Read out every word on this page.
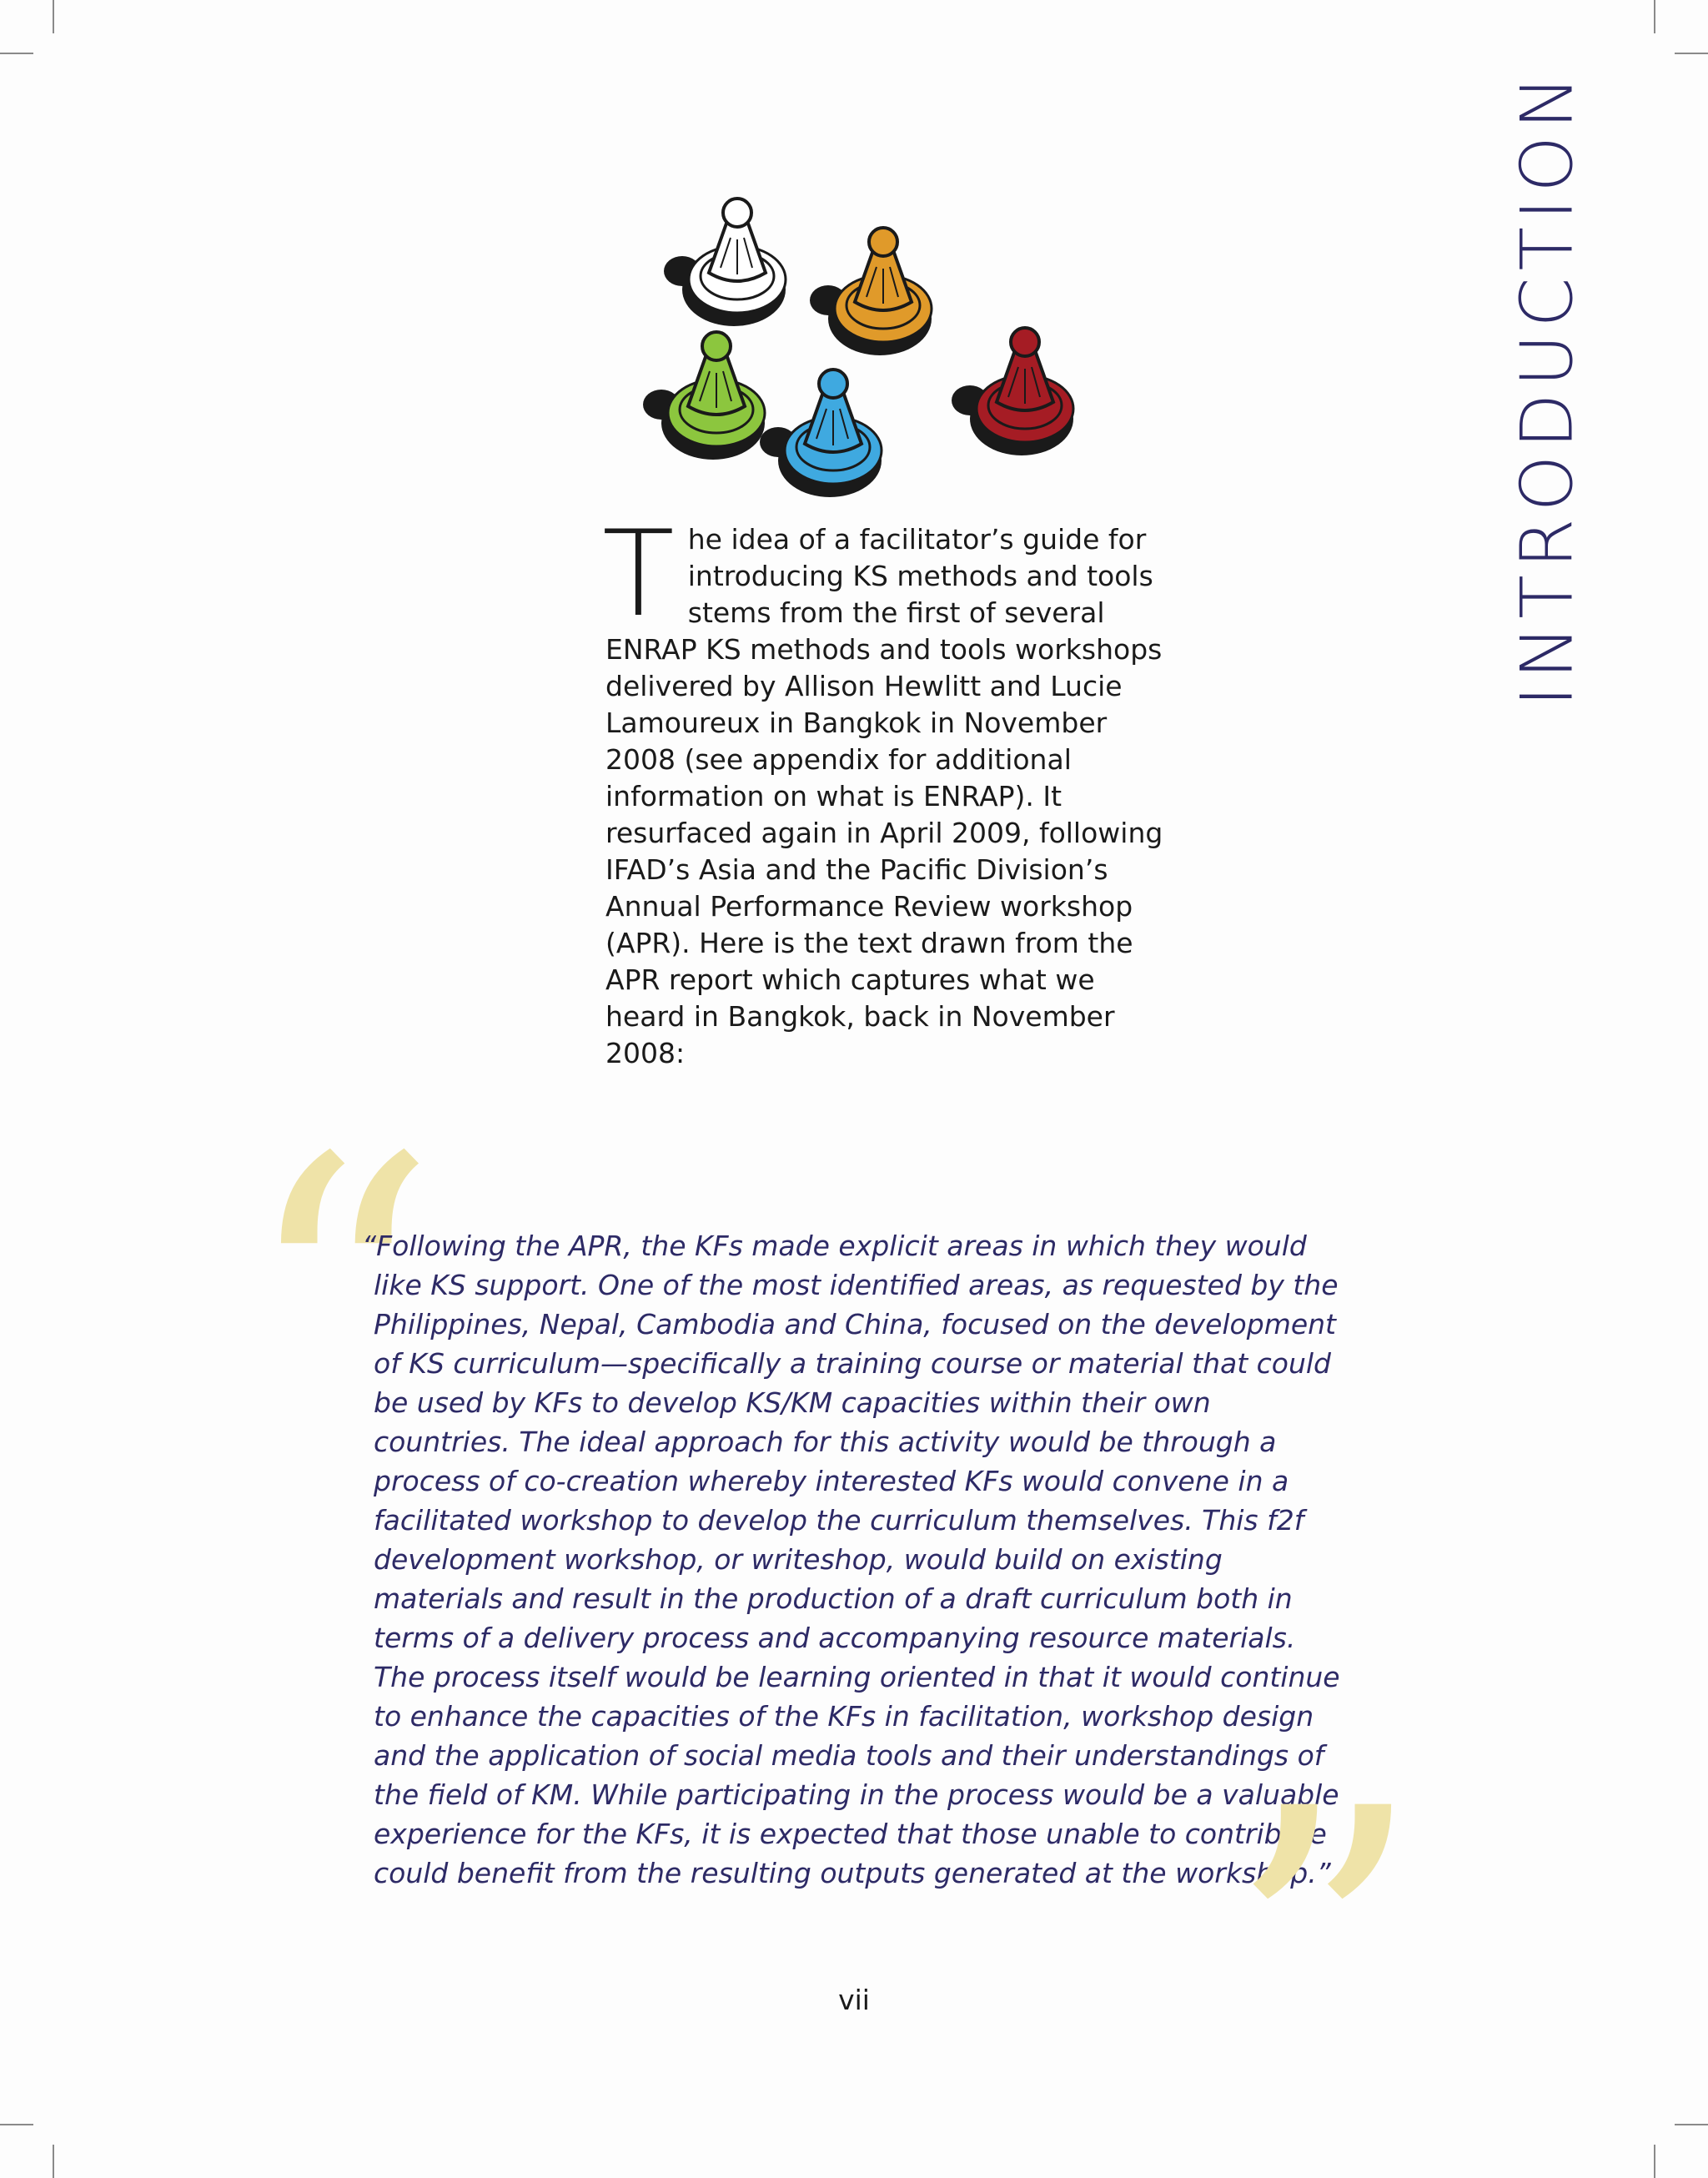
INTRODUCTION
The idea of a facilitator’s guide for introducing KS methods and tools stems from the first of several ENRAP KS methods and tools workshops delivered by Allison Hewlitt and Lucie Lamoureux in Bangkok in November 2008 (see appendix for additional information on what is ENRAP). It resurfaced again in April 2009, following IFAD’s Asia and the Pacific Division’s Annual Performance Review workshop (APR). Here is the text drawn from the APR report which captures what we heard in Bangkok, back in November 2008:
“
“Following the APR, the KFs made explicit areas in which they would like KS support. One of the most identified areas, as requested by the Philippines, Nepal, Cambodia and China, focused on the development of KS curriculum—specifically a training course or material that could be used by KFs to develop KS/KM capacities within their own countries. The ideal approach for this activity would be through a process of co-creation whereby interested KFs would convene in a facilitated workshop to develop the curriculum themselves. This f2f development workshop, or writeshop, would build on existing materials and result in the production of a draft curriculum both in terms of a delivery process and accompanying resource materials. The process itself would be learning oriented in that it would continue to enhance the capacities of the KFs in facilitation, workshop design and the application of social media tools and their understandings of the field of KM. While participating in the process would be a valuable experience for the KFs, it is expected that those unable to contribute could benefit from the resulting outputs generated at the workshop.”
”
vii
